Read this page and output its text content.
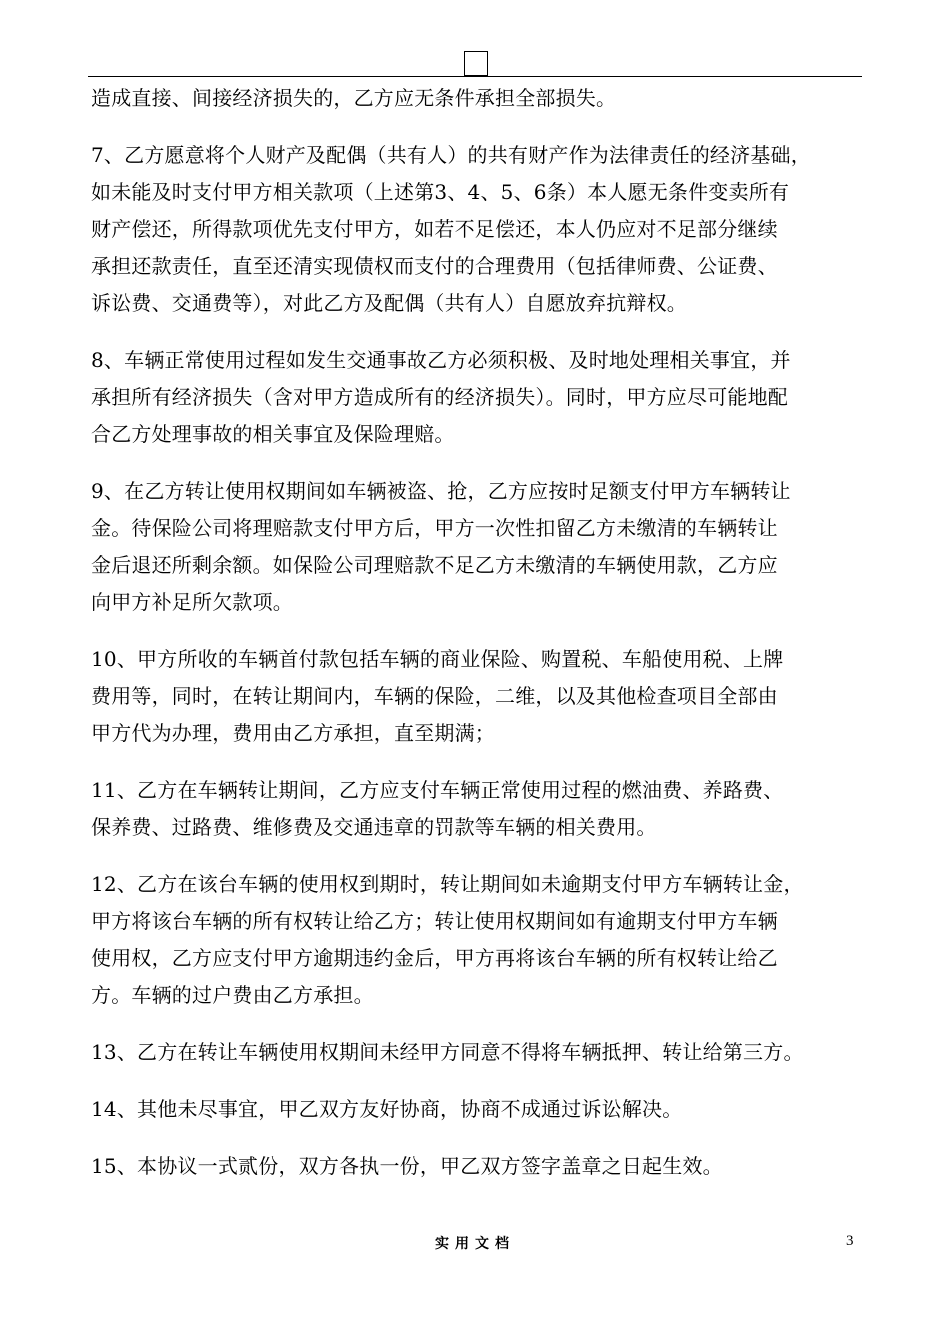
造成直接、间接经济损失的，乙方应无条件承担全部损失。

7、乙方愿意将个人财产及配偶（共有人）的共有财产作为法律责任的经济基础，
如未能及时支付甲方相关款项（上述第3、4、5、6条）本人愿无条件变卖所有
财产偿还，所得款项优先支付甲方，如若不足偿还，本人仍应对不足部分继续
承担还款责任，直至还清实现债权而支付的合理费用（包括律师费、公证费、
诉讼费、交通费等），对此乙方及配偶（共有人）自愿放弃抗辩权。

8、车辆正常使用过程如发生交通事故乙方必须积极、及时地处理相关事宜，并
承担所有经济损失（含对甲方造成所有的经济损失）。同时，甲方应尽可能地配
合乙方处理事故的相关事宜及保险理赔。

9、在乙方转让使用权期间如车辆被盗、抢，乙方应按时足额支付甲方车辆转让
金。待保险公司将理赔款支付甲方后，甲方一次性扣留乙方未缴清的车辆转让
金后退还所剩余额。如保险公司理赔款不足乙方未缴清的车辆使用款，乙方应
向甲方补足所欠款项。

10、甲方所收的车辆首付款包括车辆的商业保险、购置税、车船使用税、上牌
费用等，同时，在转让期间内，车辆的保险，二维，以及其他检查项目全部由
甲方代为办理，费用由乙方承担，直至期满；

11、乙方在车辆转让期间，乙方应支付车辆正常使用过程的燃油费、养路费、
保养费、过路费、维修费及交通违章的罚款等车辆的相关费用。

12、乙方在该台车辆的使用权到期时，转让期间如未逾期支付甲方车辆转让金，
甲方将该台车辆的所有权转让给乙方；转让使用权期间如有逾期支付甲方车辆
使用权，乙方应支付甲方逾期违约金后，甲方再将该台车辆的所有权转让给乙
方。车辆的过户费由乙方承担。

13、乙方在转让车辆使用权期间未经甲方同意不得将车辆抵押、转让给第三方。

14、其他未尽事宜，甲乙双方友好协商，协商不成通过诉讼解决。

15、本协议一式贰份，双方各执一份，甲乙双方签字盖章之日起生效。

实用文档	3
